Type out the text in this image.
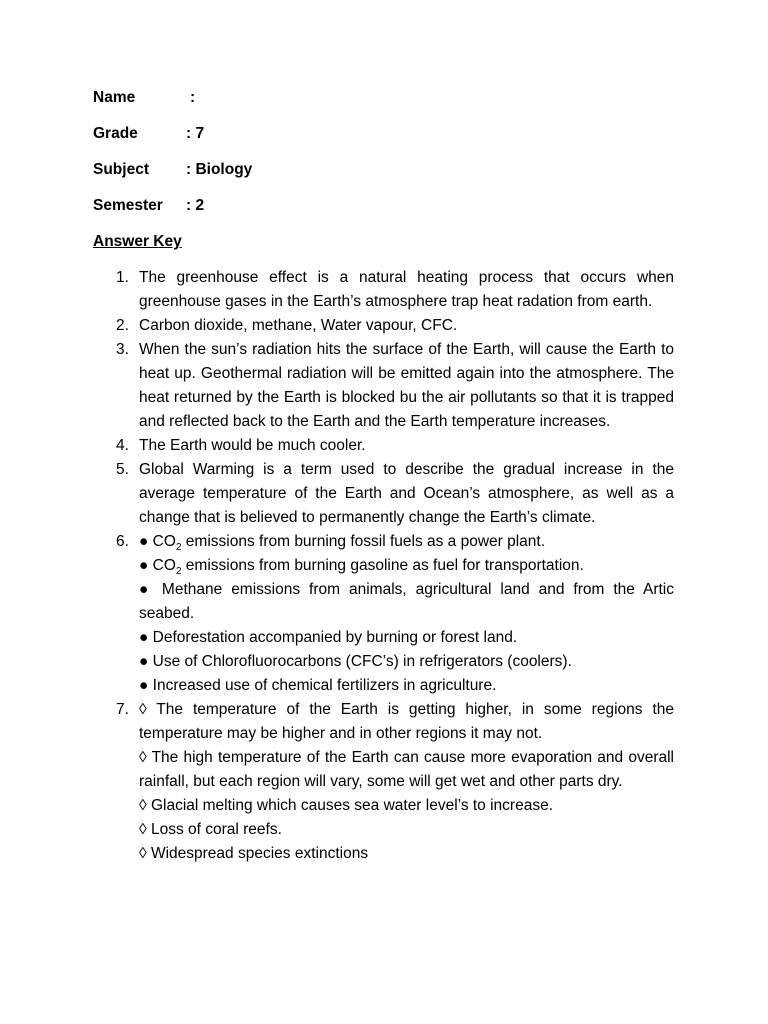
Name	:
Grade	: 7
Subject : Biology
Semester : 2
Answer Key
1. The greenhouse effect is a natural heating process that occurs when greenhouse gases in the Earth’s atmosphere trap heat radation from earth.
2. Carbon dioxide, methane, Water vapour, CFC.
3. When the sun’s radiation hits the surface of the Earth, will cause the Earth to heat up. Geothermal radiation will be emitted again into the atmosphere. The heat returned by the Earth is blocked bu the air pollutants so that it is trapped and reflected back to the Earth and the Earth temperature increases.
4. The Earth would be much cooler.
5. Global Warming is a term used to describe the gradual increase in the average temperature of the Earth and Ocean’s atmosphere, as well as a change that is believed to permanently change the Earth’s climate.
6. ● $CO_2$ emissions from burning fossil fuels as a power plant.
● $CO_2$ emissions from burning gasoline as fuel for transportation.
● Methane emissions from animals, agricultural land and from the Artic seabed.
● Deforestation accompanied by burning or forest land.
● Use of Chlorofluorocarbons (CFC’s) in refrigerators (coolers).
● Increased use of chemical fertilizers in agriculture.
7. ◊ The temperature of the Earth is getting higher, in some regions the temperature may be higher and in other regions it may not.
◊ The high temperature of the Earth can cause more evaporation and overall rainfall, but each region will vary, some will get wet and other parts dry.
◊ Glacial melting which causes sea water level’s to increase.
◊ Loss of coral reefs.
◊ Widespread species extinctions
